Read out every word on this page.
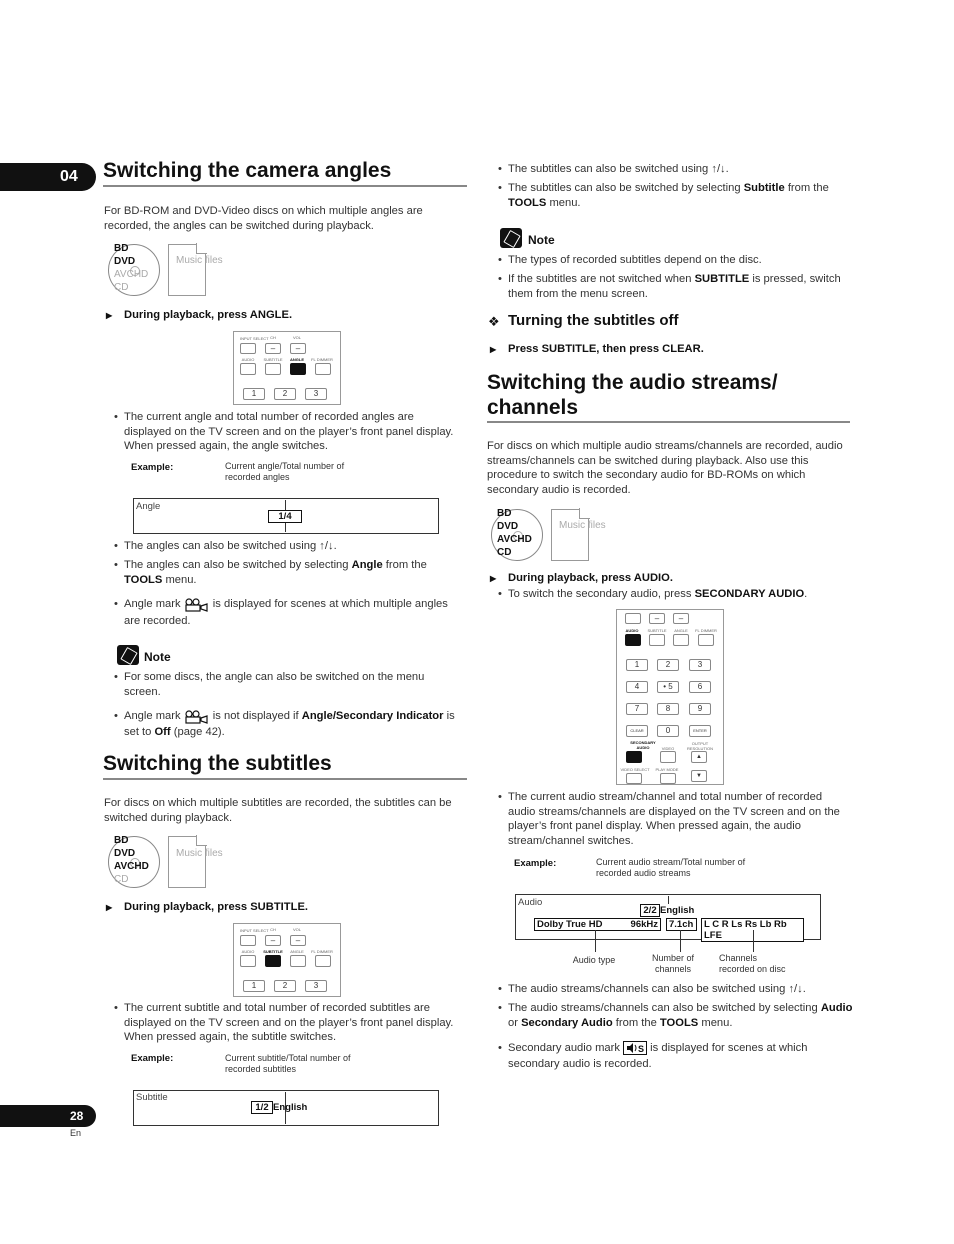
04	Switching the camera angles
For BD-ROM and DVD-Video discs on which multiple angles are recorded, the angles can be switched during playback.
BD
DVD
AVCHD
CD
Music files
▶ During playback, press ANGLE.
INPUT SELECT CH	VOL
–	–
AUDIO	SUBTITLE	ANGLE	FL DIMMER
1	2	3
• The current angle and total number of recorded angles are displayed on the TV screen and on the player’s front panel display. When pressed again, the angle switches.
Example:	Current angle/Total number of recorded angles
Angle
1/4
• The angles can also be switched using ↑/↓.
• The angles can also be switched by selecting Angle from the TOOLS menu.
• Angle mark  is displayed for scenes at which multiple angles are recorded.
Note
• For some discs, the angle can also be switched on the menu screen.
• Angle mark  is not displayed if Angle/Secondary Indicator is set to Off (page 42).
Switching the subtitles
For discs on which multiple subtitles are recorded, the subtitles can be switched during playback.
BD
DVD
AVCHD
CD
Music files
▶ During playback, press SUBTITLE.
INPUT SELECT CH	VOL
–	–
AUDIO	SUBTITLE	ANGLE	FL DIMMER
1	2	3
• The current subtitle and total number of recorded subtitles are displayed on the TV screen and on the player’s front panel display. When pressed again, the subtitle switches.
Example:	Current subtitle/Total number of recorded subtitles
Subtitle
1/2 English
28
En
• The subtitles can also be switched using ↑/↓.
• The subtitles can also be switched by selecting Subtitle from the TOOLS menu.
Note
• The types of recorded subtitles depend on the disc.
• If the subtitles are not switched when SUBTITLE is pressed, switch them from the menu screen.
❖ Turning the subtitles off
▶ Press SUBTITLE, then press CLEAR.
Switching the audio streams/
channels
For discs on which multiple audio streams/channels are recorded, audio streams/channels can be switched during playback. Also use this procedure to switch the secondary audio for BD-ROMs on which secondary audio is recorded.
BD
DVD
AVCHD
CD
Music files
▶ During playback, press AUDIO.
• To switch the secondary audio, press SECONDARY AUDIO.
–	–
AUDIO	SUBTITLE	ANGLE	FL DIMMER
1	2	3
4	• 5	6
7	8	9
CLEAR	0	ENTER
SECONDARY
AUDIO	VIDEO
OUTPUT RESOLUTION
▲
VIDEO SELECT	PLAY MODE
▼
• The current audio stream/channel and total number of recorded audio streams/channels are displayed on the TV screen and on the player’s front panel display. When pressed again, the audio stream/channel switches.
Example:	Current audio stream/Total number of recorded audio streams
Audio
2/2 English
Dolby True HD	96kHz	7.1ch	L C R Ls Rs Lb Rb LFE
Audio type	Number of channels
Channels recorded on disc
• The audio streams/channels can also be switched using ↑/↓.
• The audio streams/channels can also be switched by selecting Audio or Secondary Audio from the TOOLS menu.
• Secondary audio mark S is displayed for scenes at which secondary audio is recorded.
